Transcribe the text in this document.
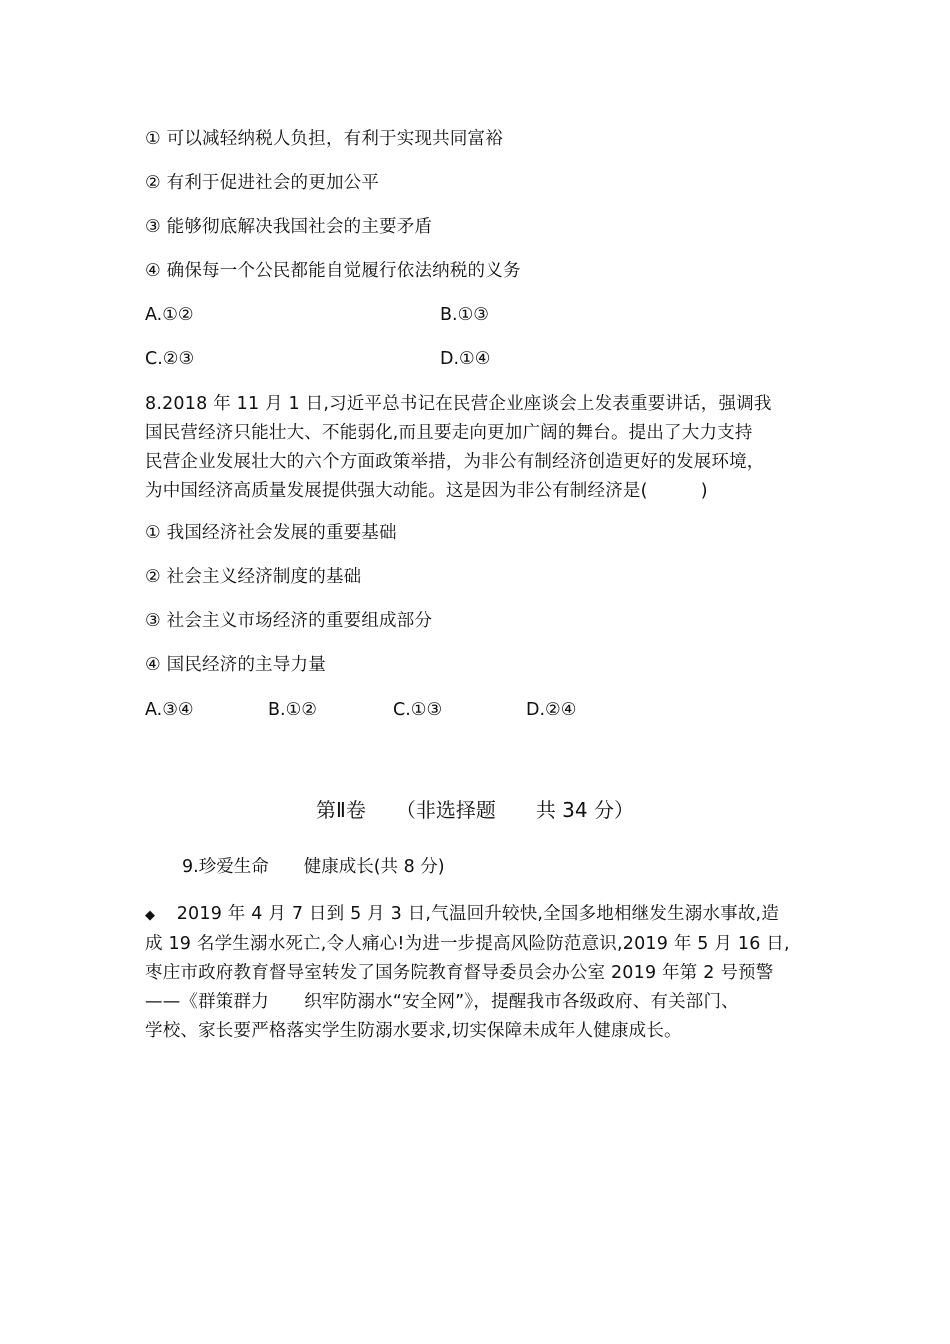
① 可以减轻纳税人负担，有利于实现共同富裕
② 有利于促进社会的更加公平
③ 能够彻底解决我国社会的主要矛盾
④ 确保每一个公民都能自觉履行依法纳税的义务
A.①②	B.①③
C.②③	D.①④

8.2018 年 11 月 1 日,习近平总书记在民营企业座谈会上发表重要讲话，强调我

国民营经济只能壮大、不能弱化,而且要走向更加广阔的舞台。提出了大力支持

民营企业发展壮大的六个方面政策举措，为非公有制经济创造更好的发展环境，

为中国经济高质量发展提供强大动能。这是因为非公有制经济是(　　　)

① 我国经济社会发展的重要基础
② 社会主义经济制度的基础
③ 社会主义市场经济的重要组成部分
④ 国民经济的主导力量
A.③④	B.①②	C.①③	D.②④
第Ⅱ卷　　（非选择题　　共 34 分）
9.珍爱生命　　健康成长(共 8 分)

◆　2019 年 4 月 7 日到 5 月 3 日,气温回升较快,全国多地相继发生溺水事故,造

成 19 名学生溺水死亡,令人痛心!为进一步提高风险防范意识,2019 年 5 月 16 日,

枣庄市政府教育督导室转发了国务院教育督导委员会办公室 2019 年第 2 号预警

——《群策群力　　织牢防溺水“安全网”》，提醒我市各级政府、有关部门、

学校、家长要严格落实学生防溺水要求,切实保障未成年人健康成长。
